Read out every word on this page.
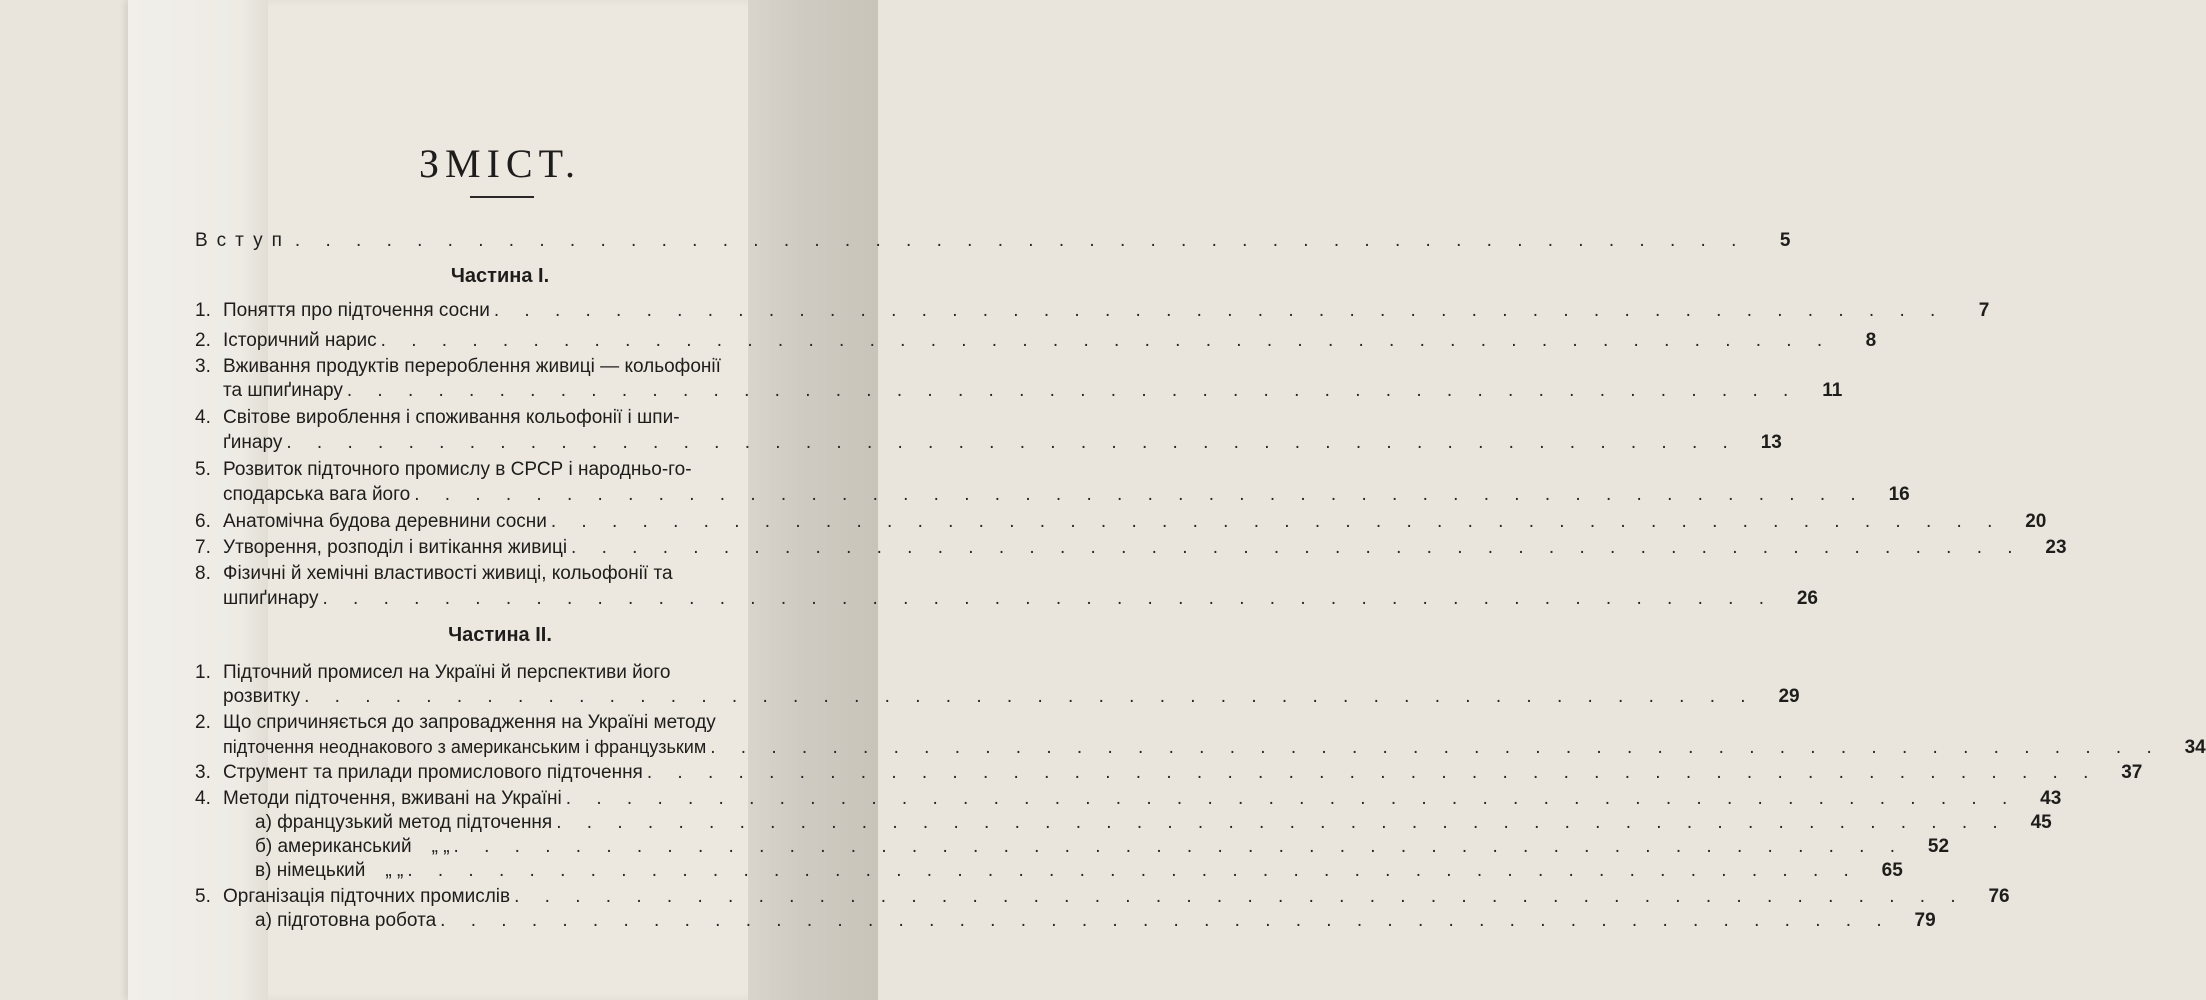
ЗМІСТ.
Вступ . . . . . . . . . . . . . . . . . . . . . . . . . . . . . . . . . . . . . . . . . . . . . . . .	5
Частина І.
1. Поняття про підточення сосни . . . . . . . . . . . . . . . . . . . . . . . . . . . . . . . . . . . . . . . . . . . . . . . .	7
2. Історичний нарис . . . . . . . . . . . . . . . . . . . . . . . . . . . . . . . . . . . . . . . . . . . . . . . .	8
3. Вживання продуктів перероблення живиці — кольофонії
та шпиґинару . . . . . . . . . . . . . . . . . . . . . . . . . . . . . . . . . . . . . . . . . . . . . . . .	11
4. Світове вироблення і споживання кольофонії і шпи-
ґинару . . . . . . . . . . . . . . . . . . . . . . . . . . . . . . . . . . . . . . . . . . . . . . . .	13
5. Розвиток підточного промислу в СРСР і народньо-го-
сподарська вага його . . . . . . . . . . . . . . . . . . . . . . . . . . . . . . . . . . . . . . . . . . . . . . . .	16
6. Анатомічна будова деревнини сосни . . . . . . . . . . . . . . . . . . . . . . . . . . . . . . . . . . . . . . . . . . . . . . . .	20
7. Утворення, розподіл і витікання живиці . . . . . . . . . . . . . . . . . . . . . . . . . . . . . . . . . . . . . . . . . . . . . . . .	23
8. Фізичні й хемічні властивості живиці, кольофонії та
шпиґинару . . . . . . . . . . . . . . . . . . . . . . . . . . . . . . . . . . . . . . . . . . . . . . . .	26
Частина II.
1. Підточний промисел на Україні й перспективи його
розвитку . . . . . . . . . . . . . . . . . . . . . . . . . . . . . . . . . . . . . . . . . . . . . . . .	29
2. Що спричиняється до запровадження на Україні методу
підточення неоднакового з американським і французьким . . . . . . . . . . . . . . . . . . . . . . . . . . . . . . . . . . . . . . . . . . . . . . . .	34
3. Струмент та прилади промислового підточення . . . . . . . . . . . . . . . . . . . . . . . . . . . . . . . . . . . . . . . . . . . . . . . .	37
4. Методи підточення, вживані на Україні . . . . . . . . . . . . . . . . . . . . . . . . . . . . . . . . . . . . . . . . . . . . . . . .	43
а) французький метод підточення . . . . . . . . . . . . . . . . . . . . . . . . . . . . . . . . . . . . . . . . . . . . . . . .	45
б) американський „ „ . . . . . . . . . . . . . . . . . . . . . . . . . . . . . . . . . . . . . . . . . . . . . . . .	52
в) німецький „ „ . . . . . . . . . . . . . . . . . . . . . . . . . . . . . . . . . . . . . . . . . . . . . . . .	65
5. Організація підточних промислів . . . . . . . . . . . . . . . . . . . . . . . . . . . . . . . . . . . . . . . . . . . . . . . .	76
а) підготовна робота . . . . . . . . . . . . . . . . . . . . . . . . . . . . . . . . . . . . . . . . . . . . . . . .	79
